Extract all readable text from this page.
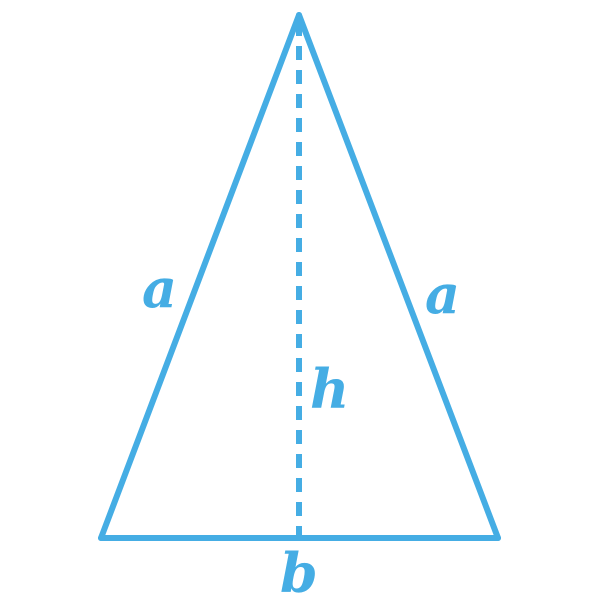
a	a
h
b
